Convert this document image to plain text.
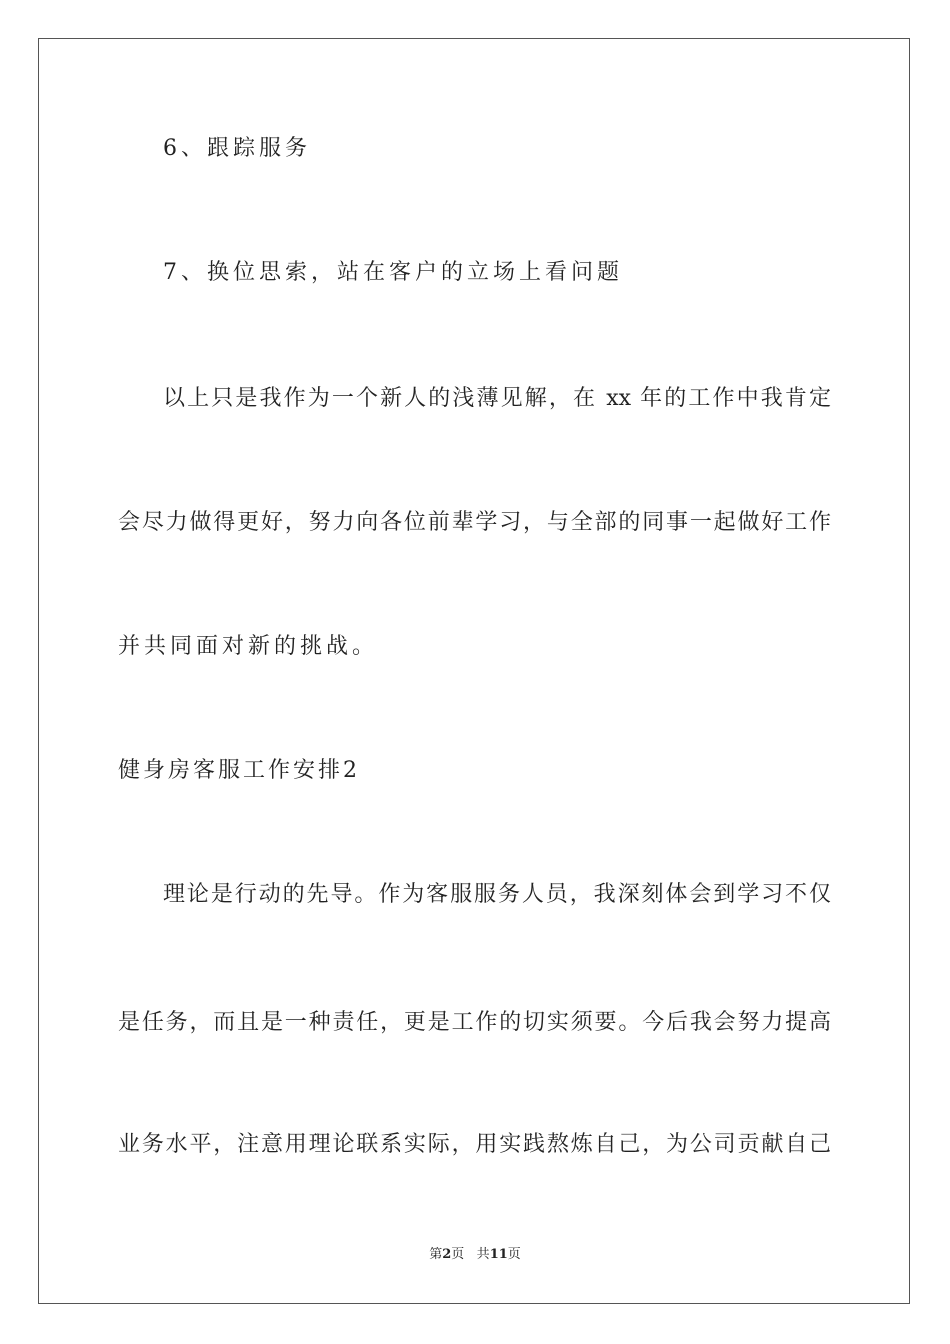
6、跟踪服务
7、换位思索，站在客户的立场上看问题
以上只是我作为一个新人的浅薄见解，在 xx 年的工作中我肯定
会尽力做得更好，努力向各位前辈学习，与全部的同事一起做好工作
并共同面对新的挑战。
健身房客服工作安排2
理论是行动的先导。作为客服服务人员，我深刻体会到学习不仅
是任务，而且是一种责任，更是工作的切实须要。今后我会努力提高
业务水平，注意用理论联系实际，用实践熬炼自己，为公司贡献自己
第2页 共11页
